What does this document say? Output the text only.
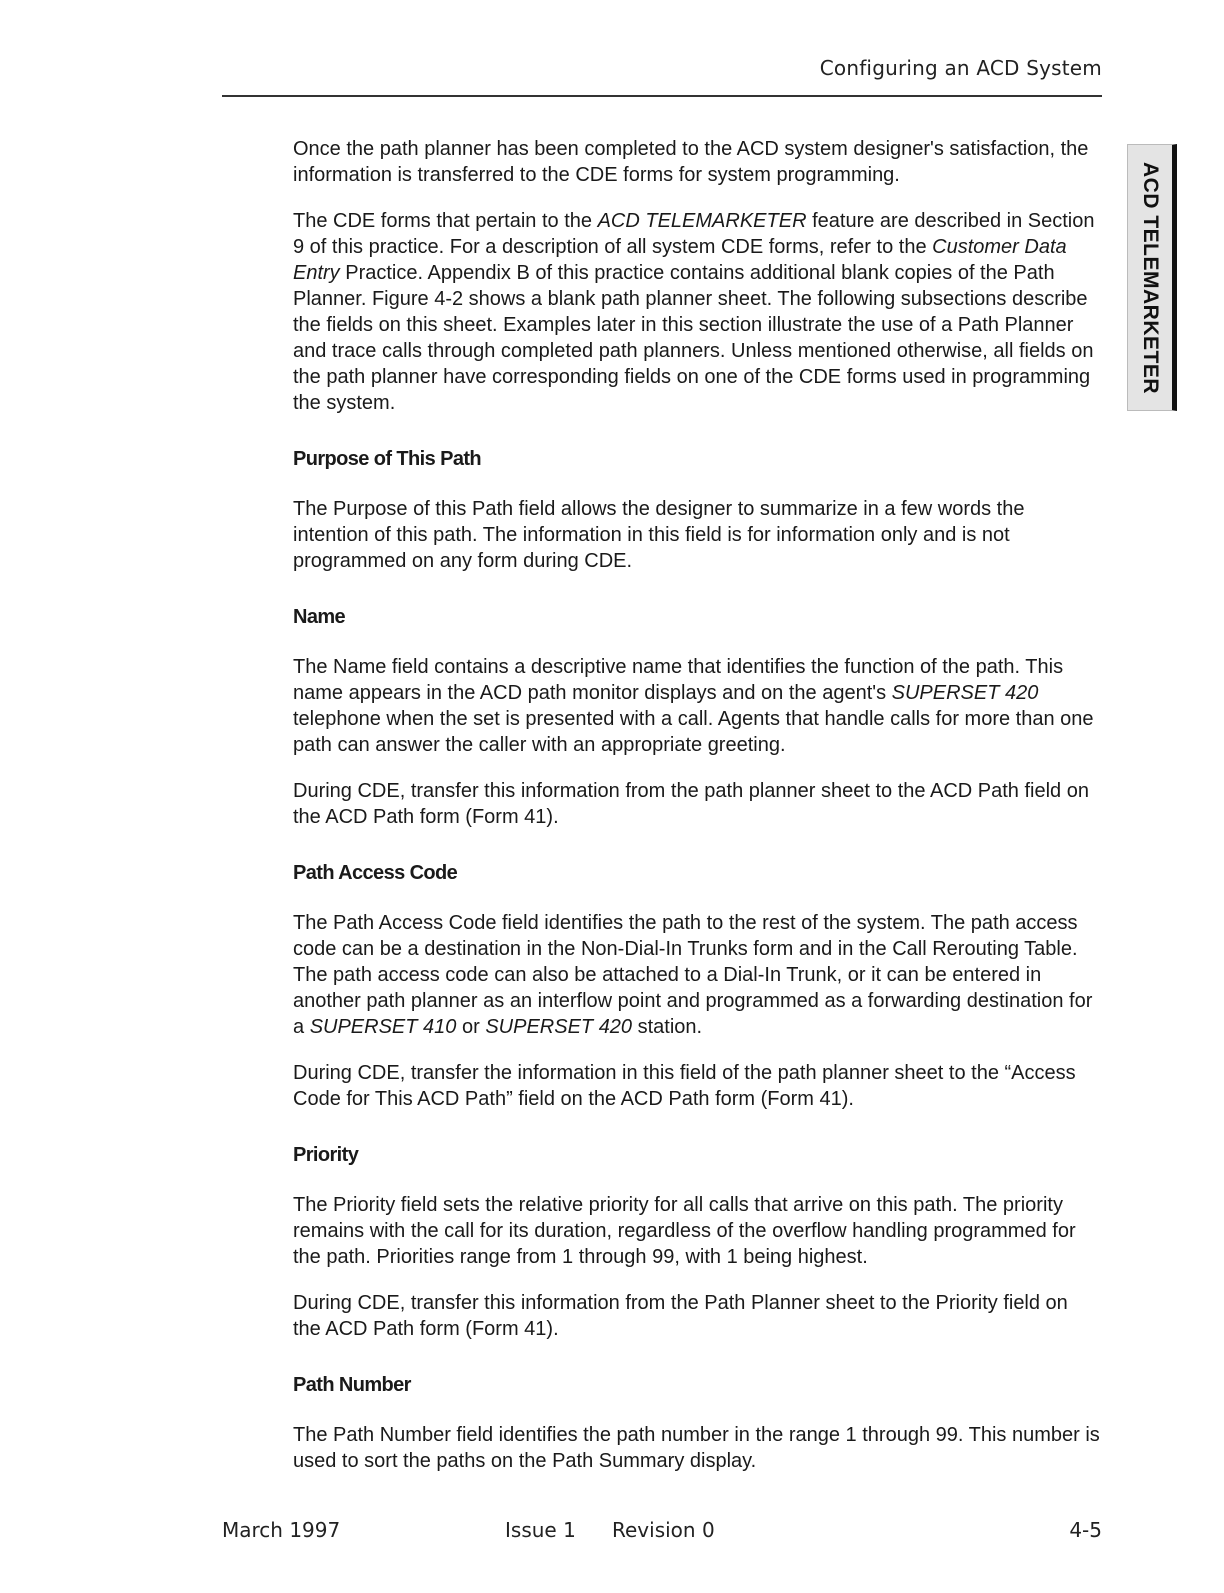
Configuring an ACD System
ACD TELEMARKETER

Once the path planner has been completed to the ACD system designer's satisfaction, the information is transferred to the CDE forms for system programming.

The CDE forms that pertain to the ACD TELEMARKETER feature are described in Section 9 of this practice. For a description of all system CDE forms, refer to the Customer Data Entry Practice. Appendix B of this practice contains additional blank copies of the Path Planner. Figure 4-2 shows a blank path planner sheet. The following subsections describe the fields on this sheet. Examples later in this section illustrate the use of a Path Planner and trace calls through completed path planners. Unless mentioned otherwise, all fields on the path planner have corresponding fields on one of the CDE forms used in programming the system.

Purpose of This Path

The Purpose of this Path field allows the designer to summarize in a few words the intention of this path. The information in this field is for information only and is not programmed on any form during CDE.

Name

The Name field contains a descriptive name that identifies the function of the path. This name appears in the ACD path monitor displays and on the agent's SUPERSET 420 telephone when the set is presented with a call. Agents that handle calls for more than one path can answer the caller with an appropriate greeting.

During CDE, transfer this information from the path planner sheet to the ACD Path field on the ACD Path form (Form 41).

Path Access Code

The Path Access Code field identifies the path to the rest of the system. The path access code can be a destination in the Non-Dial-In Trunks form and in the Call Rerouting Table. The path access code can also be attached to a Dial-In Trunk, or it can be entered in another path planner as an interflow point and programmed as a forwarding destination for a SUPERSET 410 or SUPERSET 420 station.

During CDE, transfer the information in this field of the path planner sheet to the “Access Code for This ACD Path” field on the ACD Path form (Form 41).

Priority

The Priority field sets the relative priority for all calls that arrive on this path. The priority remains with the call for its duration, regardless of the overflow handling programmed for the path. Priorities range from 1 through 99, with 1 being highest.

During CDE, transfer this information from the Path Planner sheet to the Priority field on the ACD Path form (Form 41).

Path Number

The Path Number field identifies the path number in the range 1 through 99. This number is used to sort the paths on the Path Summary display.

March 1997	Issue 1 Revision 0	4-5
